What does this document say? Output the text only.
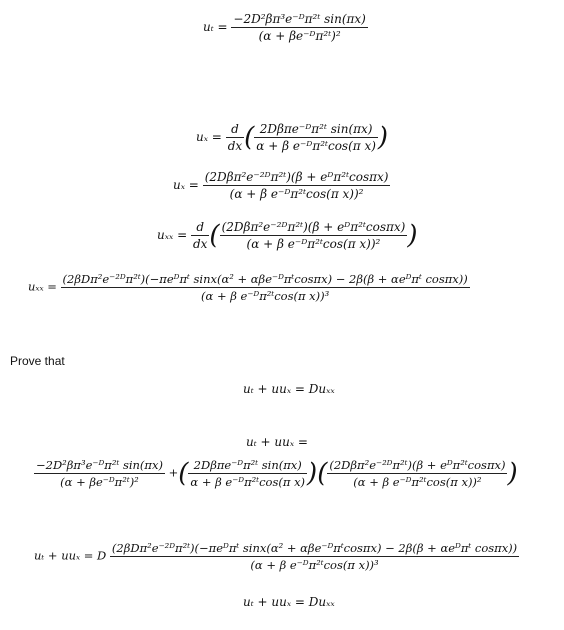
$u_t = \frac{\text{−2D²βπ³e⁻ᴰπ²ᵗ sin(πx)}}{\text{(α + βe⁻ᴰπ²ᵗ)²}}$
$u_x = \frac{d}{dx}$ ( $\frac{\text{2Dβπe⁻ᴰπ²ᵗ sin(πx)}}{\text{α + β e⁻ᴰπ²ᵗcos(π x)}}$ )
$u_x = \frac{\text{(2Dβπ²e⁻²ᴰπ²ᵗ)(β + eᴰπ²ᵗcosπx)}}{\text{(α + β e⁻ᴰπ²ᵗcos(π x))²}}$
$u_{xx} = \frac{d}{dx}$ ( $\frac{\text{(2Dβπ²e⁻²ᴰπ²ᵗ)(β + eᴰπ²ᵗcosπx)}}{\text{(α + β e⁻ᴰπ²ᵗcos(π x))²}}$ )
uₓₓ =
(2βDπ²e⁻²ᴰπ²ᵗ)(−πeᴰπᵗ sinx(α² + αβe⁻ᴰπᵗcosπx) − 2β(β + αeᴰπᵗ cosπx))
(α + β e⁻ᴰπ²ᵗcos(π x))³
Prove that
uₜ + uuₓ = Duₓₓ
uₜ + uuₓ =
$\frac{\text{−2D²βπ³e⁻ᴰπ²ᵗ sin(πx)}}{\text{(α + βe⁻ᴰπ²ᵗ)²}}$ +( $\frac{\text{2Dβπe⁻ᴰπ²ᵗ sin(πx)}}{\text{α + β e⁻ᴰπ²ᵗcos(π x)}}$ )( $\frac{\text{(2Dβπ²e⁻²ᴰπ²ᵗ)(β + eᴰπ²ᵗcosπx)}}{\text{(α + β e⁻ᴰπ²ᵗcos(π x))²}}$ )
uₜ + uuₓ = D
(2βDπ²e⁻²ᴰπ²ᵗ)(−πeᴰπᵗ sinx(α² + αβe⁻ᴰπᵗcosπx) − 2β(β + αeᴰπᵗ cosπx))
(α + β e⁻ᴰπ²ᵗcos(π x))³
uₜ + uuₓ = Duₓₓ
